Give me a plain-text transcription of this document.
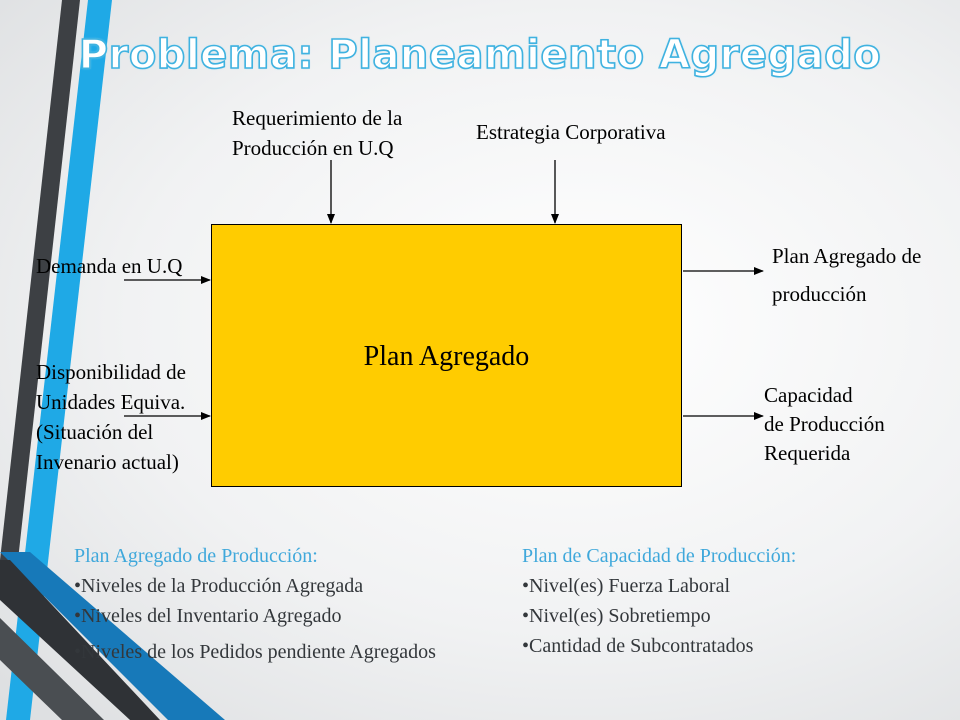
Problema: Planeamiento Agregado
Requerimiento de la
Producción en U.Q
Estrategia Corporativa
Demanda en U.Q
Disponibilidad de
Unidades Equiva.
(Situación del
Invenario actual)
Plan Agregado
Plan Agregado de
producción
Capacidad
de Producción
Requerida
Plan Agregado de Producción:
•Niveles de la Producción Agregada
•Niveles del Inventario Agregado
•Niveles de los Pedidos pendiente Agregados
Plan de Capacidad de Producción:
•Nivel(es) Fuerza Laboral
•Nivel(es) Sobretiempo
•Cantidad de Subcontratados
